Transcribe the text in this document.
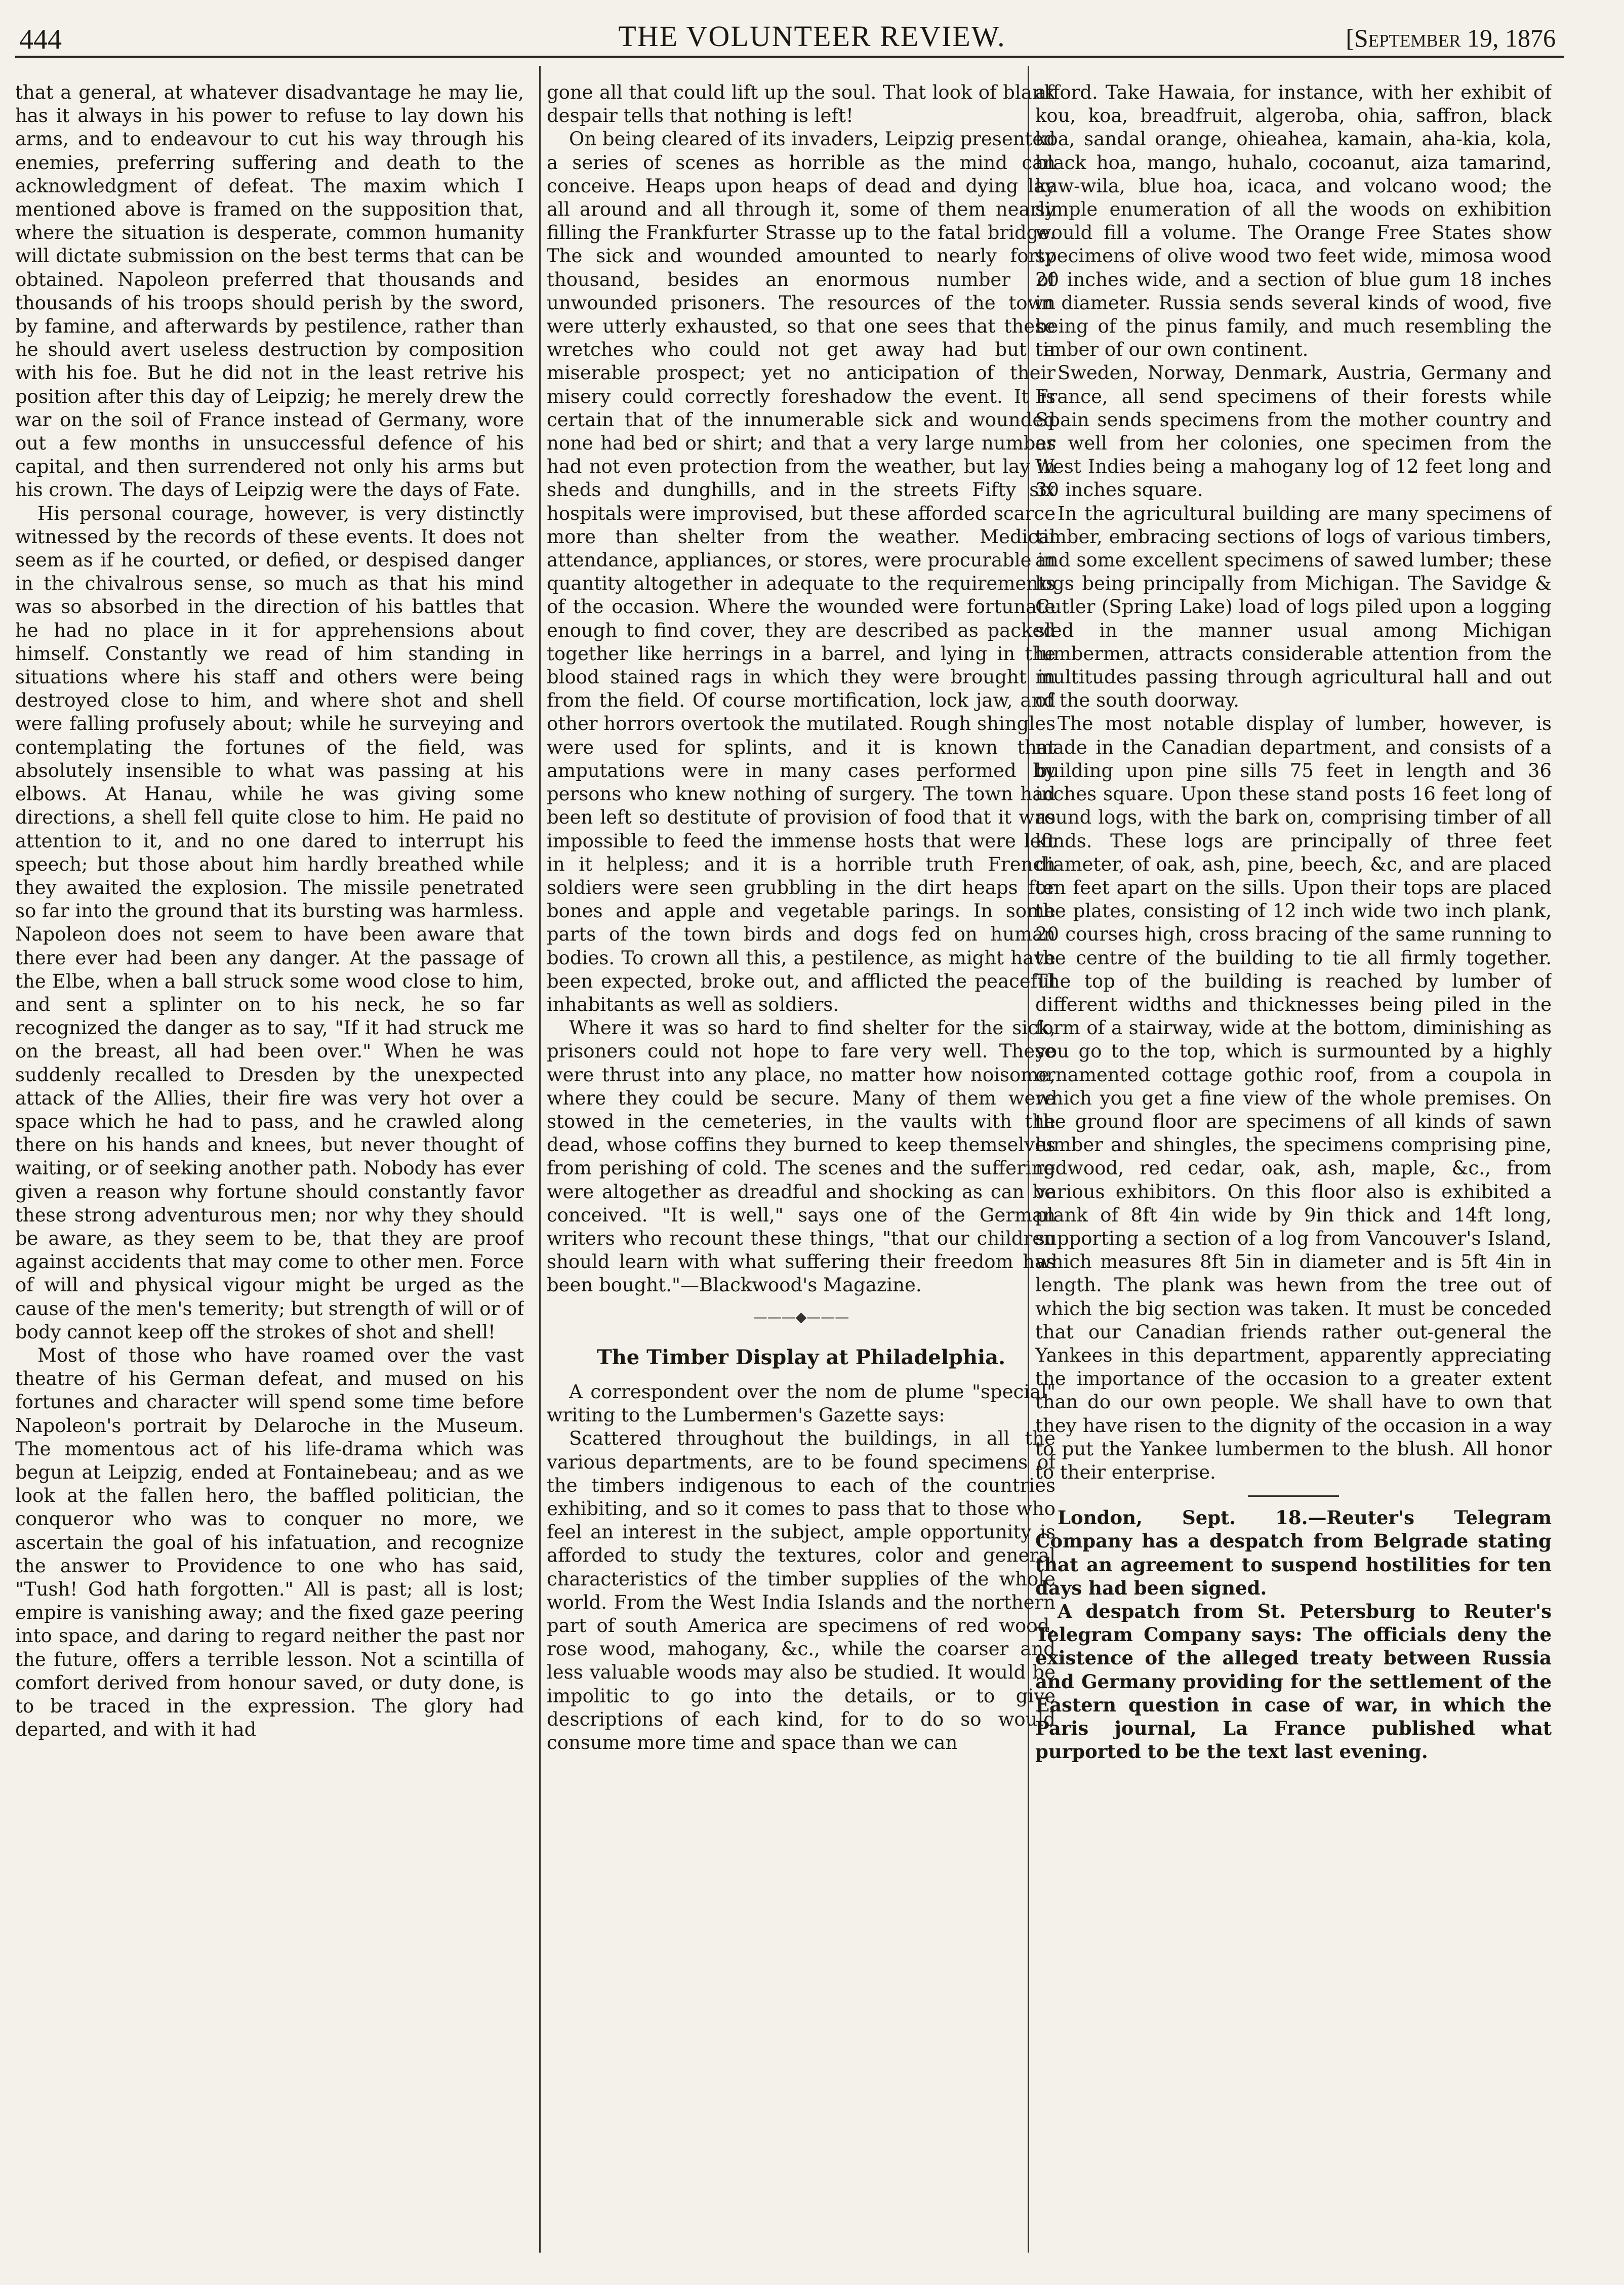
444	THE VOLUNTEER REVIEW.	[September 19, 1876

that a general, at whatever disadvantage he may lie, has it always in his power to refuse to lay down his arms, and to endeavour to cut his way through his enemies, preferring suffering and death to the acknowledgment of defeat. The maxim which I mentioned above is framed on the supposition that, where the situation is desperate, common humanity will dictate submission on the best terms that can be obtained. Napoleon preferred that thousands and thousands of his troops should perish by the sword, by famine, and afterwards by pestilence, rather than he should avert useless destruction by composition with his foe. But he did not in the least retrive his position after this day of Leipzig; he merely drew the war on the soil of France instead of Germany, wore out a few months in unsuccessful defence of his capital, and then surrendered not only his arms but his crown. The days of Leipzig were the days of Fate.

His personal courage, however, is very distinctly witnessed by the records of these events. It does not seem as if he courted, or defied, or despised danger in the chivalrous sense, so much as that his mind was so absorbed in the direction of his battles that he had no place in it for apprehensions about himself. Constantly we read of him standing in situations where his staff and others were being destroyed close to him, and where shot and shell were falling profusely about; while he surveying and contemplating the fortunes of the field, was absolutely insensible to what was passing at his elbows. At Hanau, while he was giving some directions, a shell fell quite close to him. He paid no attention to it, and no one dared to interrupt his speech; but those about him hardly breathed while they awaited the explosion. The missile penetrated so far into the ground that its bursting was harmless. Napoleon does not seem to have been aware that there ever had been any danger. At the passage of the Elbe, when a ball struck some wood close to him, and sent a splinter on to his neck, he so far recognized the danger as to say, "If it had struck me on the breast, all had been over." When he was suddenly recalled to Dresden by the unexpected attack of the Allies, their fire was very hot over a space which he had to pass, and he crawled along there on his hands and knees, but never thought of waiting, or of seeking another path. Nobody has ever given a reason why fortune should constantly favor these strong adventurous men; nor why they should be aware, as they seem to be, that they are proof against accidents that may come to other men. Force of will and physical vigour might be urged as the cause of the men's temerity; but strength of will or of body cannot keep off the strokes of shot and shell!

Most of those who have roamed over the vast theatre of his German defeat, and mused on his fortunes and character will spend some time before Napoleon's portrait by Delaroche in the Museum. The momentous act of his life-drama which was begun at Leipzig, ended at Fontainebeau; and as we look at the fallen hero, the baffled politician, the conqueror who was to conquer no more, we ascertain the goal of his infatuation, and recognize the answer to Providence to one who has said, "Tush! God hath forgotten." All is past; all is lost; empire is vanishing away; and the fixed gaze peering into space, and daring to regard neither the past nor the future, offers a terrible lesson. Not a scintilla of comfort derived from honour saved, or duty done, is to be traced in the expression. The glory had departed, and with it had

gone all that could lift up the soul. That look of blank despair tells that nothing is left!

On being cleared of its invaders, Leipzig presented a series of scenes as horrible as the mind can conceive. Heaps upon heaps of dead and dying lay all around and all through it, some of them nearly filling the Frankfurter Strasse up to the fatal bridge. The sick and wounded amounted to nearly forty thousand, besides an enormous number of unwounded prisoners. The resources of the town were utterly exhausted, so that one sees that these wretches who could not get away had but a miserable prospect; yet no anticipation of their misery could correctly foreshadow the event. It is certain that of the innumerable sick and wounded none had bed or shirt; and that a very large number had not even protection from the weather, but lay in sheds and dunghills, and in the streets Fifty six hospitals were improvised, but these afforded scarce more than shelter from the weather. Medical attendance, appliances, or stores, were procurable in quantity altogether in adequate to the requirements of the occasion. Where the wounded were fortunate enough to find cover, they are described as packed together like herrings in a barrel, and lying in the blood stained rags in which they were brought in from the field. Of course mortification, lock jaw, and other horrors overtook the mutilated. Rough shingles were used for splints, and it is known that amputations were in many cases performed by persons who knew nothing of surgery. The town had been left so destitute of provision of food that it was impossible to feed the immense hosts that were left in it helpless; and it is a horrible truth French soldiers were seen grubbling in the dirt heaps for bones and apple and vegetable parings. In some parts of the town birds and dogs fed on human bodies. To crown all this, a pestilence, as might have been expected, broke out, and afflicted the peaceful inhabitants as well as soldiers.

Where it was so hard to find shelter for the sick, prisoners could not hope to fare very well. These were thrust into any place, no matter how noisome, where they could be secure. Many of them were stowed in the cemeteries, in the vaults with the dead, whose coffins they burned to keep themselves from perishing of cold. The scenes and the suffering were altogether as dreadful and shocking as can be conceived. "It is well," says one of the German writers who recount these things, "that our children should learn with what suffering their freedom has been bought."—Blackwood's Magazine.

———◆———

The Timber Display at Philadelphia.

A correspondent over the nom de plume "special" writing to the Lumbermen's Gazette says:

Scattered throughout the buildings, in all the various departments, are to be found specimens of the timbers indigenous to each of the countries exhibiting, and so it comes to pass that to those who feel an interest in the subject, ample opportunity is afforded to study the textures, color and general characteristics of the timber supplies of the whole world. From the West India Islands and the northern part of south America are specimens of red wood, rose wood, mahogany, &c., while the coarser and less valuable woods may also be studied. It would be impolitic to go into the details, or to give descriptions of each kind, for to do so would consume more time and space than we can

afford. Take Hawaia, for instance, with her exhibit of kou, koa, breadfruit, algeroba, ohia, saffron, black koa, sandal orange, ohieahea, kamain, aha-kia, kola, black hoa, mango, huhalo, cocoanut, aiza tamarind, kaw-wila, blue hoa, icaca, and volcano wood; the simple enumeration of all the woods on exhibition would fill a volume. The Orange Free States show specimens of olive wood two feet wide, mimosa wood 20 inches wide, and a section of blue gum 18 inches in diameter. Russia sends several kinds of wood, five being of the pinus family, and much resembling the timber of our own continent.

Sweden, Norway, Denmark, Austria, Germany and France, all send specimens of their forests while Spain sends specimens from the mother country and as well from her colonies, one specimen from the West Indies being a mahogany log of 12 feet long and 30 inches square.

In the agricultural building are many specimens of timber, embracing sections of logs of various timbers, and some excellent specimens of sawed lumber; these logs being principally from Michigan. The Savidge & Cutler (Spring Lake) load of logs piled upon a logging sled in the manner usual among Michigan lumbermen, attracts considerable attention from the multitudes passing through agricultural hall and out of the south doorway.

The most notable display of lumber, however, is made in the Canadian department, and consists of a building upon pine sills 75 feet in length and 36 inches square. Upon these stand posts 16 feet long of round logs, with the bark on, comprising timber of all kinds. These logs are principally of three feet diameter, of oak, ash, pine, beech, &c, and are placed ten feet apart on the sills. Upon their tops are placed the plates, consisting of 12 inch wide two inch plank, 20 courses high, cross bracing of the same running to the centre of the building to tie all firmly together. The top of the building is reached by lumber of different widths and thicknesses being piled in the form of a stairway, wide at the bottom, diminishing as you go to the top, which is surmounted by a highly ornamented cottage gothic roof, from a coupola in which you get a fine view of the whole premises. On the ground floor are specimens of all kinds of sawn lumber and shingles, the specimens comprising pine, redwood, red cedar, oak, ash, maple, &c., from various exhibitors. On this floor also is exhibited a plank of 8ft 4in wide by 9in thick and 14ft long, supporting a section of a log from Vancouver's Island, which measures 8ft 5in in diameter and is 5ft 4in in length. The plank was hewn from the tree out of which the big section was taken. It must be conceded that our Canadian friends rather out-general the Yankees in this department, apparently appreciating the importance of the occasion to a greater extent than do our own people. We shall have to own that they have risen to the dignity of the occasion in a way to put the Yankee lumbermen to the blush. All honor to their enterprise.

London, Sept. 18.—Reuter's Telegram Company has a despatch from Belgrade stating that an agreement to suspend hostilities for ten days had been signed.

A despatch from St. Petersburg to Reuter's Telegram Company says: The officials deny the existence of the alleged treaty between Russia and Germany providing for the settlement of the Eastern question in case of war, in which the Paris journal, La France published what purported to be the text last evening.
